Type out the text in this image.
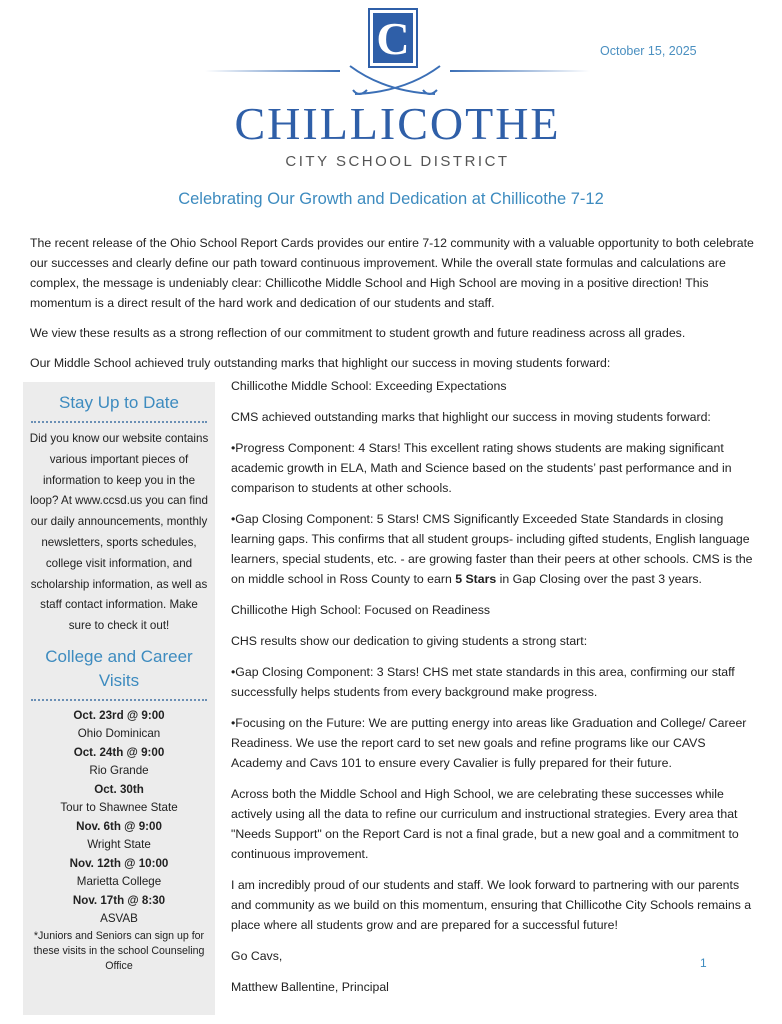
C
CHILLICOTHE
CITY SCHOOL DISTRICT
October 15, 2025
Celebrating Our Growth and Dedication at Chillicothe 7-12

The recent release of the Ohio School Report Cards provides our entire 7-12 community with a valuable opportunity to both celebrate our successes and clearly define our path toward continuous improvement. While the overall state formulas and calculations are complex, the message is undeniably clear: Chillicothe Middle School and High School are moving in a positive direction! This momentum is a direct result of the hard work and dedication of our students and staff.

We view these results as a strong reflection of our commitment to student growth and future readiness across all grades.

Our Middle School achieved truly outstanding marks that highlight our success in moving students forward:

Stay Up to Date
Did you know our website contains various important pieces of information to keep you in the loop? At www.ccsd.us you can find our daily announcements, monthly newsletters, sports schedules, college visit information, and scholarship information, as well as staff contact information. Make sure to check it out!
College and Career Visits
Oct. 23rd @ 9:00
Ohio Dominican
Oct. 24th @ 9:00
Rio Grande
Oct. 30th
Tour to Shawnee State
Nov. 6th @ 9:00
Wright State
Nov. 12th @ 10:00
Marietta College
Nov. 17th @ 8:30
ASVAB
*Juniors and Seniors can sign up for these visits in the school Counseling Office

Chillicothe Middle School: Exceeding Expectations

CMS achieved outstanding marks that highlight our success in moving students forward:

•Progress Component: 4 Stars! This excellent rating shows students are making significant academic growth in ELA, Math and Science based on the students’ past performance and in comparison to students at other schools.

•Gap Closing Component: 5 Stars! CMS Significantly Exceeded State Standards in closing learning gaps. This confirms that all student groups- including gifted students, English language learners, special students, etc. - are growing faster than their peers at other schools. CMS is the on middle school in Ross County to earn 5 Stars in Gap Closing over the past 3 years.

Chillicothe High School: Focused on Readiness

CHS results show our dedication to giving students a strong start:

•Gap Closing Component: 3 Stars! CHS met state standards in this area, confirming our staff successfully helps students from every background make progress.

•Focusing on the Future: We are putting energy into areas like Graduation and College/ Career Readiness. We use the report card to set new goals and refine programs like our CAVS Academy and Cavs 101 to ensure every Cavalier is fully prepared for their future.

Across both the Middle School and High School, we are celebrating these successes while actively using all the data to refine our curriculum and instructional strategies. Every area that "Needs Support" on the Report Card is not a final grade, but a new goal and a commitment to continuous improvement.

I am incredibly proud of our students and staff. We look forward to partnering with our parents and community as we build on this momentum, ensuring that Chillicothe City Schools remains a place where all students grow and are prepared for a successful future!

Go Cavs,

Matthew Ballentine, Principal

1
